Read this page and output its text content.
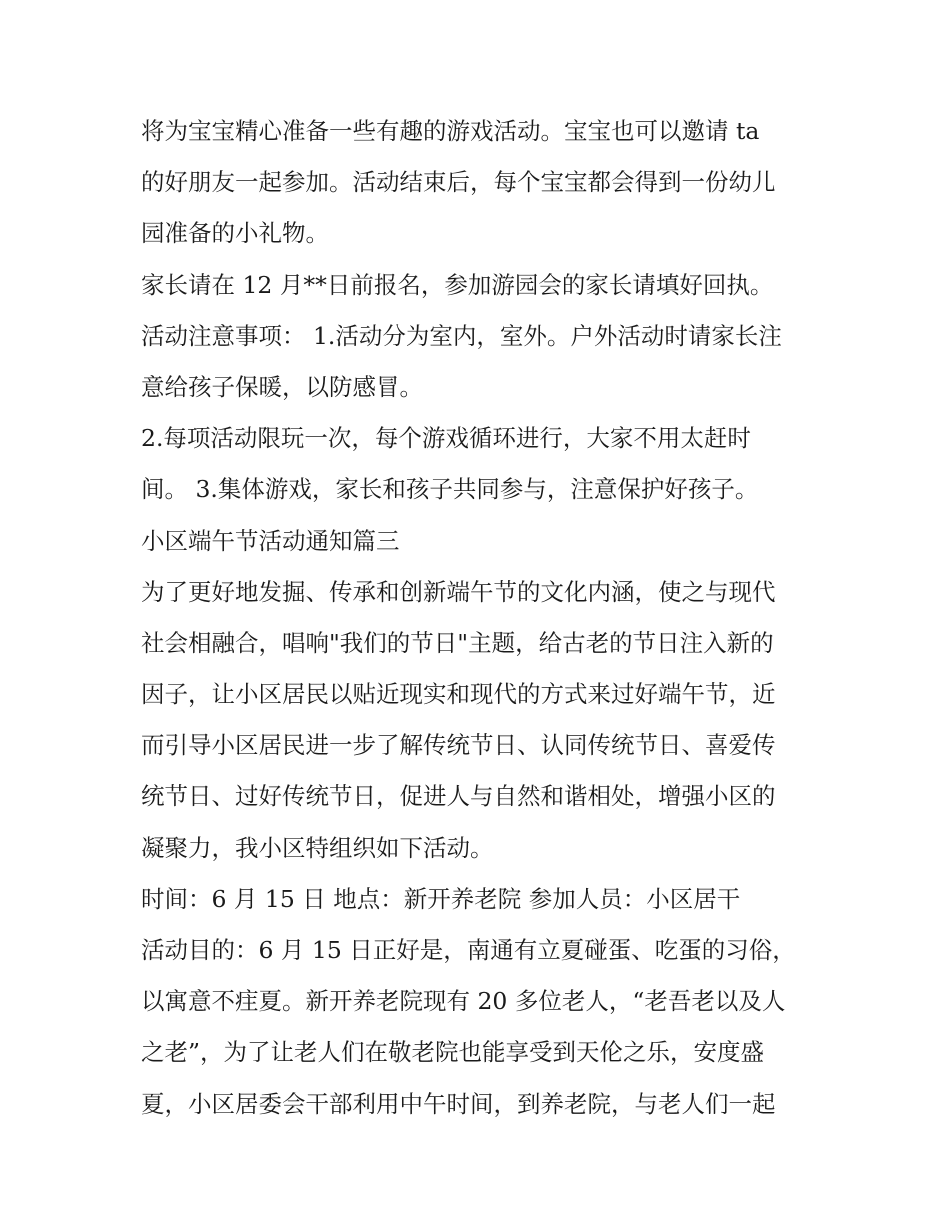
将为宝宝精心准备一些有趣的游戏活动。宝宝也可以邀请 ta
的好朋友一起参加。活动结束后，每个宝宝都会得到一份幼儿
园准备的小礼物。
家长请在 12 月**日前报名，参加游园会的家长请填好回执。
活动注意事项： 1.活动分为室内，室外。户外活动时请家长注
意给孩子保暖，以防感冒。
2.每项活动限玩一次，每个游戏循环进行，大家不用太赶时
间。 3.集体游戏，家长和孩子共同参与，注意保护好孩子。
小区端午节活动通知篇三
为了更好地发掘、传承和创新端午节的文化内涵，使之与现代
社会相融合，唱响"我们的节日"主题，给古老的节日注入新的
因子，让小区居民以贴近现实和现代的方式来过好端午节，近
而引导小区居民进一步了解传统节日、认同传统节日、喜爱传
统节日、过好传统节日，促进人与自然和谐相处，增强小区的
凝聚力，我小区特组织如下活动。
时间：6 月 15 日 地点：新开养老院 参加人员：小区居干
活动目的：6 月 15 日正好是，南通有立夏碰蛋、吃蛋的习俗，
以寓意不疰夏。新开养老院现有 20 多位老人，“老吾老以及人
之老”，为了让老人们在敬老院也能享受到天伦之乐，安度盛
夏，小区居委会干部利用中午时间，到养老院，与老人们一起
